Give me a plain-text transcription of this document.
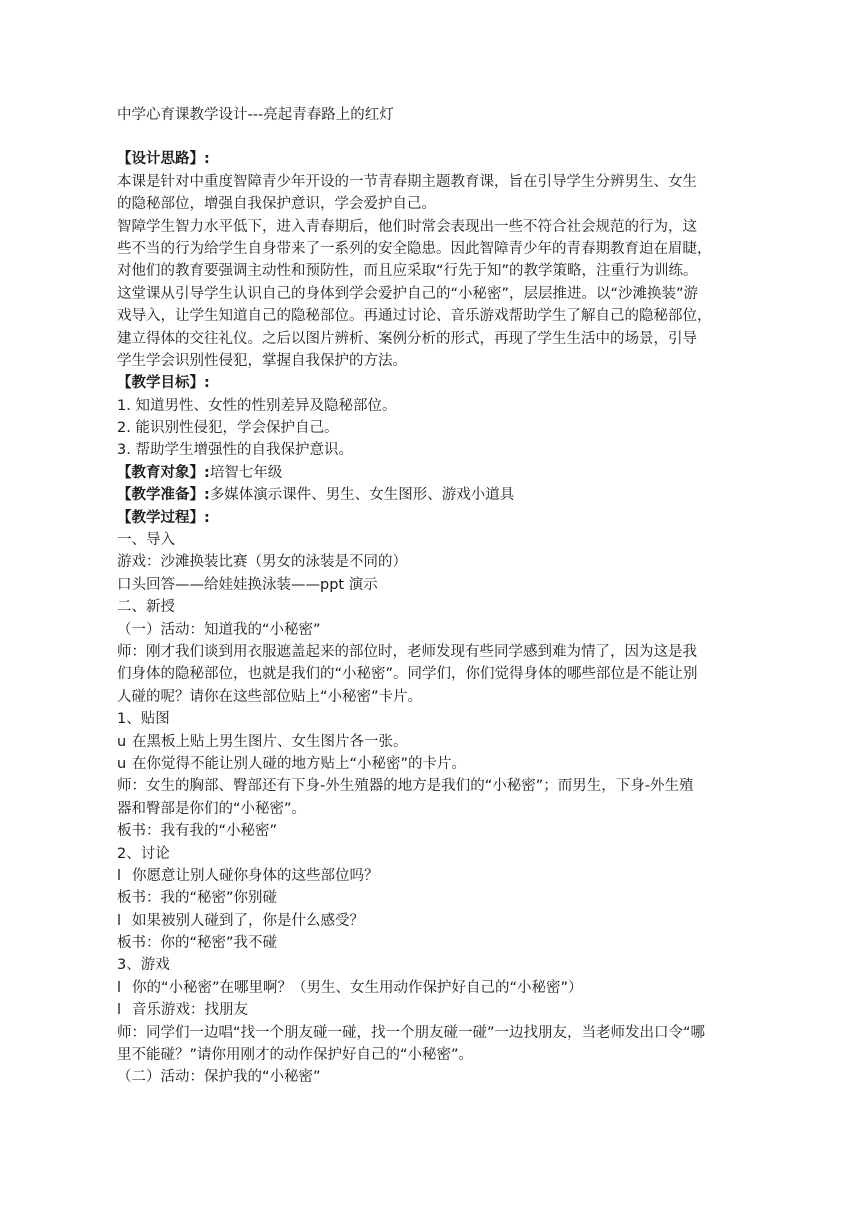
中学心育课教学设计---亮起青春路上的红灯
【设计思路】:
本课是针对中重度智障青少年开设的一节青春期主题教育课，旨在引导学生分辨男生、女生
的隐秘部位，增强自我保护意识，学会爱护自己。
智障学生智力水平低下，进入青春期后，他们时常会表现出一些不符合社会规范的行为，这
些不当的行为给学生自身带来了一系列的安全隐患。因此智障青少年的青春期教育迫在眉睫，
对他们的教育要强调主动性和预防性，而且应采取“行先于知”的教学策略，注重行为训练。
这堂课从引导学生认识自己的身体到学会爱护自己的“小秘密”，层层推进。以“沙滩换装”游
戏导入，让学生知道自己的隐秘部位。再通过讨论、音乐游戏帮助学生了解自己的隐秘部位，
建立得体的交往礼仪。之后以图片辨析、案例分析的形式，再现了学生生活中的场景，引导
学生学会识别性侵犯，掌握自我保护的方法。
【教学目标】:
1. 知道男性、女性的性别差异及隐秘部位。
2. 能识别性侵犯，学会保护自己。
3. 帮助学生增强性的自我保护意识。
【教育对象】:培智七年级
【教学准备】:多媒体演示课件、男生、女生图形、游戏小道具
【教学过程】:
一、导入
游戏：沙滩换装比赛（男女的泳装是不同的）
口头回答——给娃娃换泳装——ppt 演示
二、新授
（一）活动：知道我的“小秘密”
师：刚才我们谈到用衣服遮盖起来的部位时，老师发现有些同学感到难为情了，因为这是我
们身体的隐秘部位，也就是我们的“小秘密”。同学们，你们觉得身体的哪些部位是不能让别
人碰的呢？请你在这些部位贴上“小秘密”卡片。
1、贴图
u 在黑板上贴上男生图片、女生图片各一张。
u 在你觉得不能让别人碰的地方贴上“小秘密”的卡片。
师：女生的胸部、臀部还有下身-外生殖器的地方是我们的“小秘密”；而男生，下身-外生殖
器和臀部是你们的“小秘密”。
板书：我有我的“小秘密”
2、讨论
l 你愿意让别人碰你身体的这些部位吗？
板书：我的“秘密”你别碰
l 如果被别人碰到了，你是什么感受？
板书：你的“秘密”我不碰
3、游戏
l 你的“小秘密”在哪里啊？（男生、女生用动作保护好自己的“小秘密”）
l 音乐游戏：找朋友
师：同学们一边唱“找一个朋友碰一碰，找一个朋友碰一碰”一边找朋友，当老师发出口令“哪
里不能碰？”请你用刚才的动作保护好自己的“小秘密”。
（二）活动：保护我的“小秘密”
